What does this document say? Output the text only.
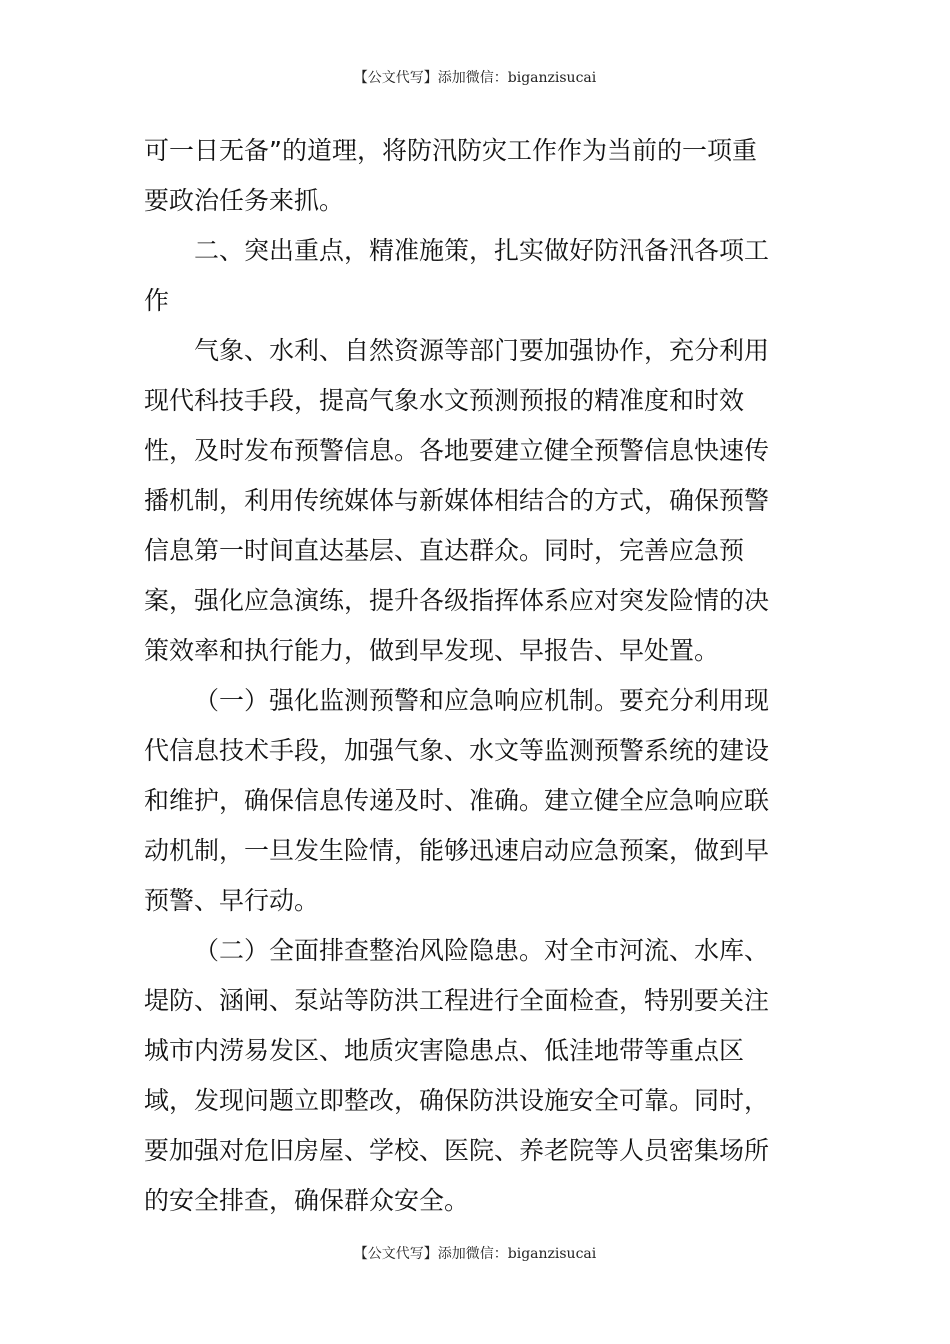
【公文代写】添加微信：biganzisucai
可一日无备”的道理，将防汛防灾工作作为当前的一项重
要政治任务来抓。
二、突出重点，精准施策，扎实做好防汛备汛各项工
作
气象、水利、自然资源等部门要加强协作，充分利用
现代科技手段，提高气象水文预测预报的精准度和时效
性，及时发布预警信息。各地要建立健全预警信息快速传
播机制，利用传统媒体与新媒体相结合的方式，确保预警
信息第一时间直达基层、直达群众。同时，完善应急预
案，强化应急演练，提升各级指挥体系应对突发险情的决
策效率和执行能力，做到早发现、早报告、早处置。
（一）强化监测预警和应急响应机制。要充分利用现
代信息技术手段，加强气象、水文等监测预警系统的建设
和维护，确保信息传递及时、准确。建立健全应急响应联
动机制，一旦发生险情，能够迅速启动应急预案，做到早
预警、早行动。
（二）全面排查整治风险隐患。对全市河流、水库、
堤防、涵闸、泵站等防洪工程进行全面检查，特别要关注
城市内涝易发区、地质灾害隐患点、低洼地带等重点区
域，发现问题立即整改，确保防洪设施安全可靠。同时，
要加强对危旧房屋、学校、医院、养老院等人员密集场所
的安全排查，确保群众安全。
【公文代写】添加微信：biganzisucai
